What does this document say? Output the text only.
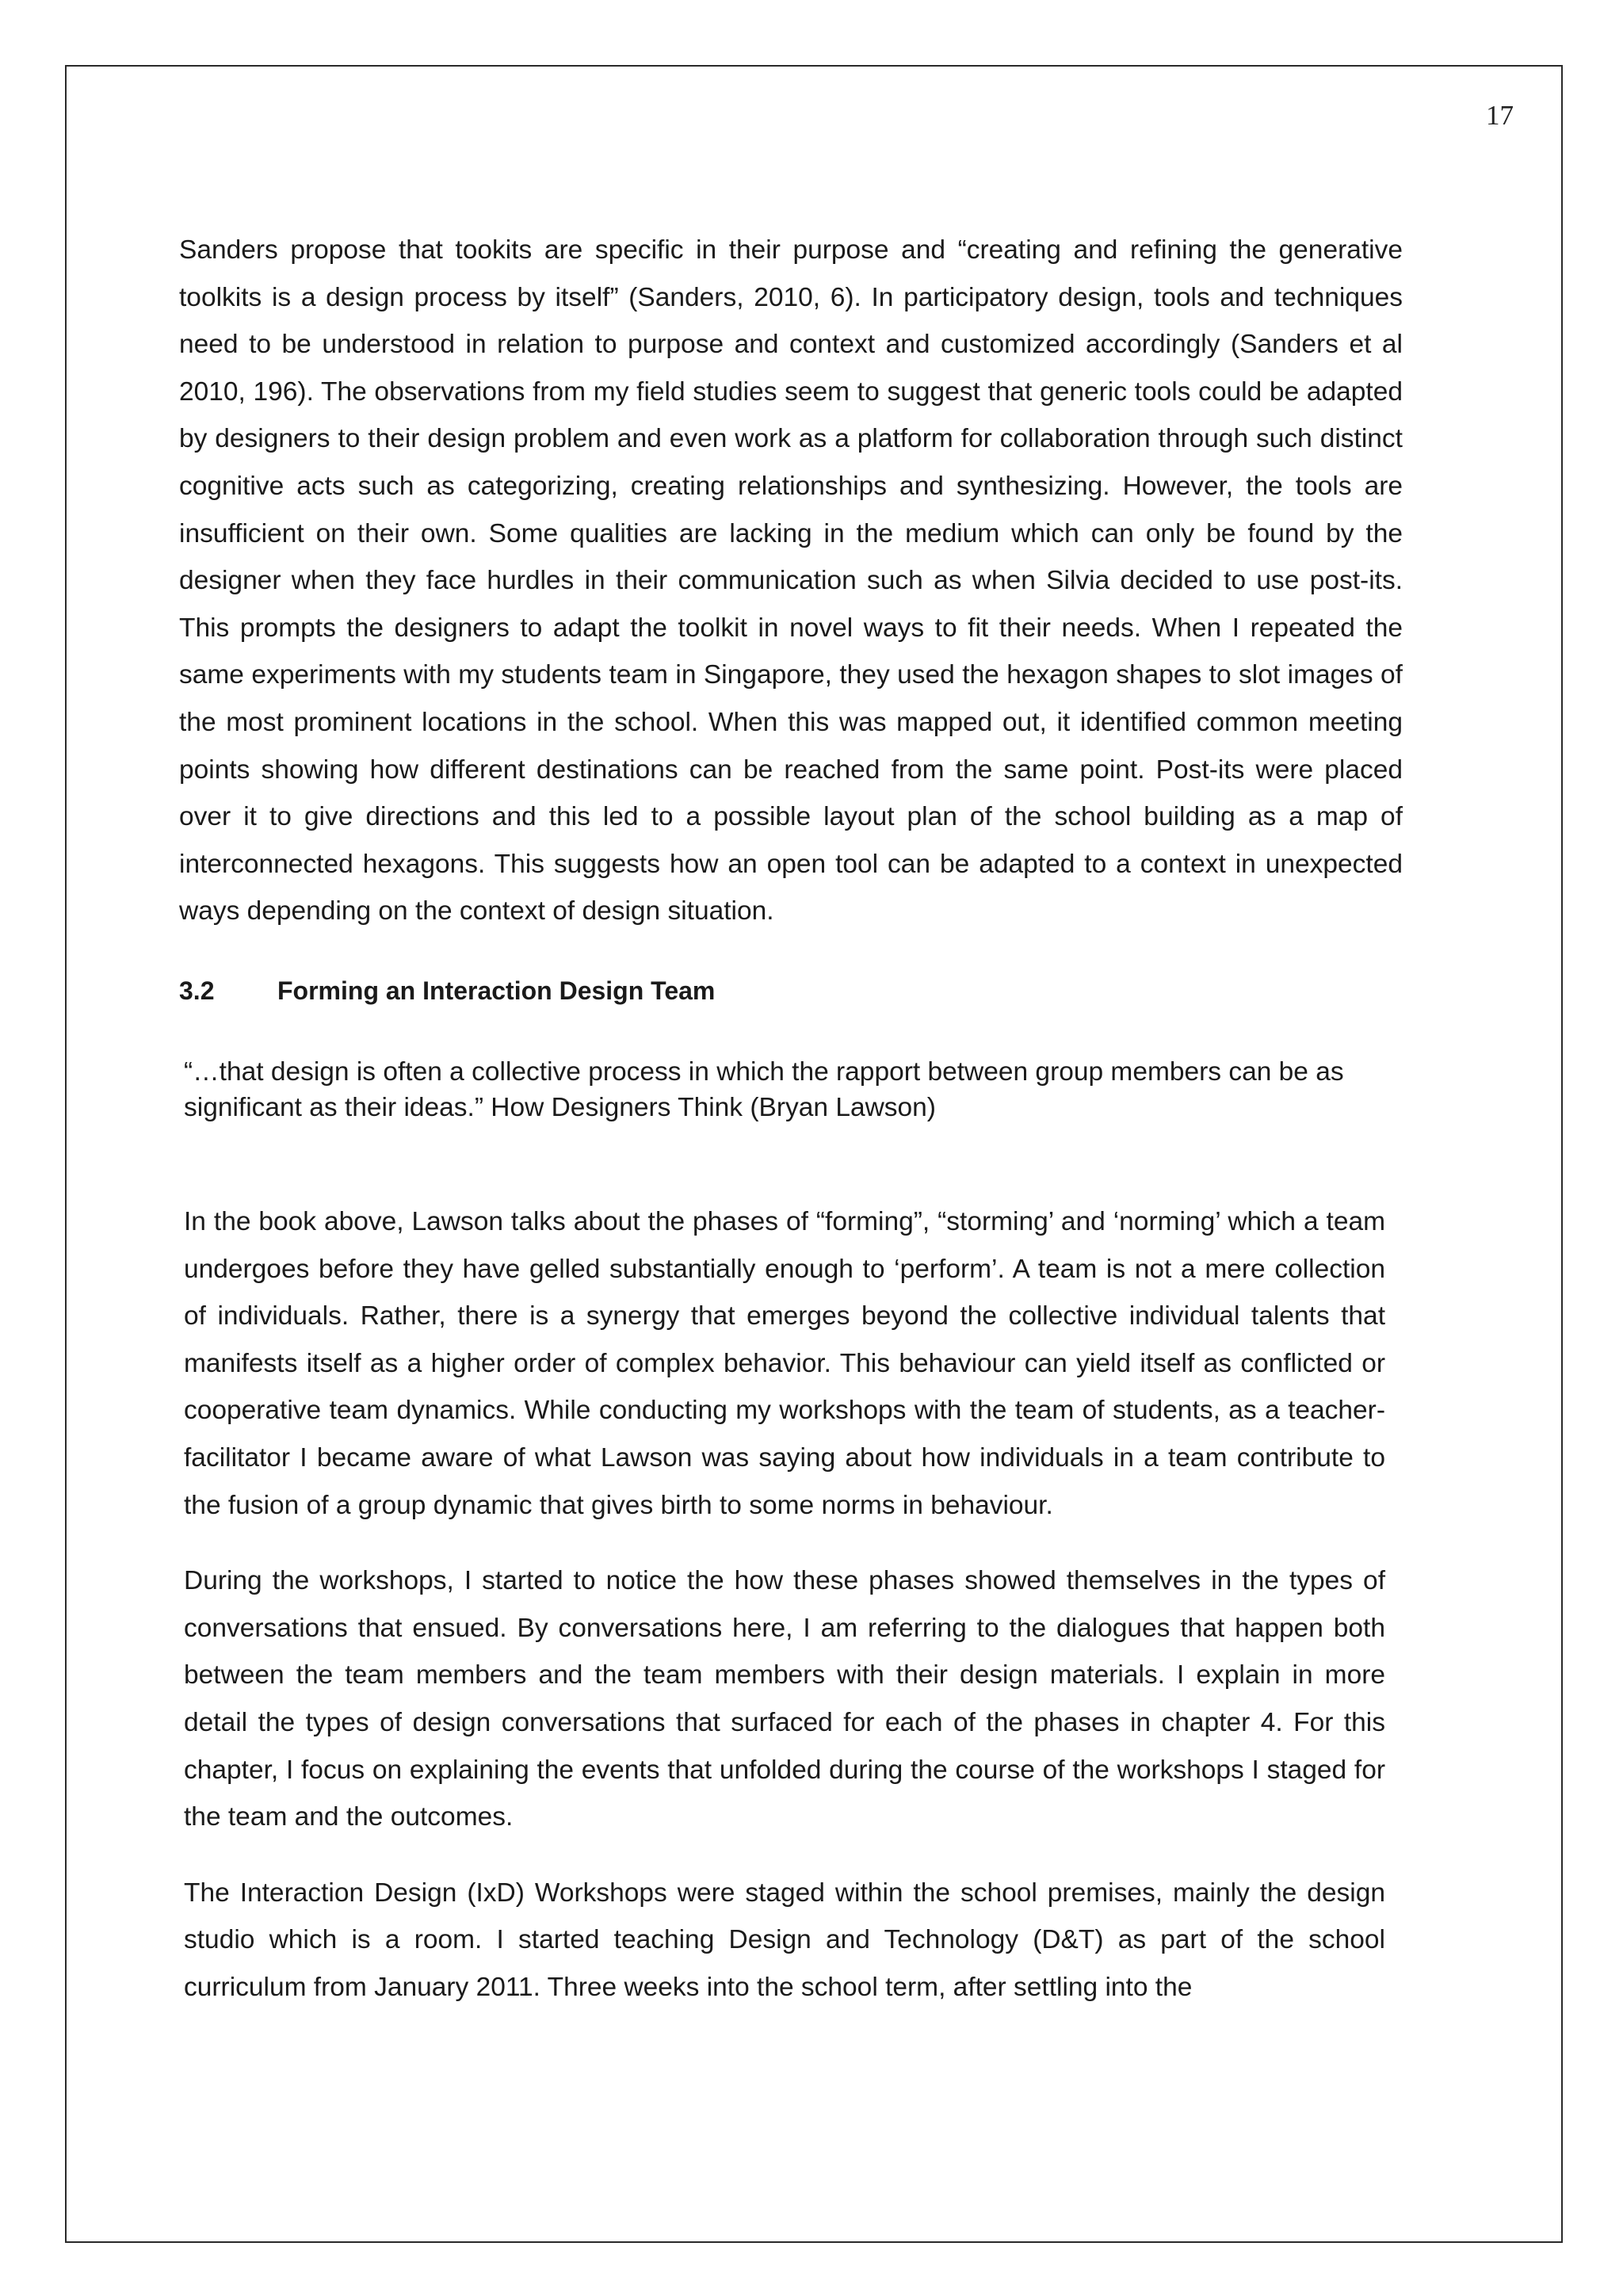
17

Sanders propose that tookits are specific in their purpose and “creating and refining the generative toolkits is a design process by itself” (Sanders, 2010, 6). In participatory design, tools and techniques need to be understood in relation to purpose and context and customized accordingly (Sanders et al 2010, 196). The observations from my field studies seem to suggest that generic tools could be adapted by designers to their design problem and even work as a platform for collaboration through such distinct cognitive acts such as categorizing, creating relationships and synthesizing. However, the tools are insufficient on their own. Some qualities are lacking in the medium which can only be found by the designer when they face hurdles in their communication such as when Silvia decided to use post-its. This prompts the designers to adapt the toolkit in novel ways to fit their needs. When I repeated the same experiments with my students team in Singapore, they used the hexagon shapes to slot images of the most prominent locations in the school. When this was mapped out, it identified common meeting points showing how different destinations can be reached from the same point. Post-its were placed over it to give directions and this led to a possible layout plan of the school building as a map of interconnected hexagons. This suggests how an open tool can be adapted to a context in unexpected ways depending on the context of design situation.

3.2 Forming an Interaction Design Team

“…that design is often a collective process in which the rapport between group members can be as significant as their ideas.” How Designers Think (Bryan Lawson)

In the book above, Lawson talks about the phases of “forming”, “storming’ and ‘norming’ which a team undergoes before they have gelled substantially enough to ‘perform’. A team is not a mere collection of individuals. Rather, there is a synergy that emerges beyond the collective individual talents that manifests itself as a higher order of complex behavior. This behaviour can yield itself as conflicted or cooperative team dynamics. While conducting my workshops with the team of students, as a teacher-facilitator I became aware of what Lawson was saying about how individuals in a team contribute to the fusion of a group dynamic that gives birth to some norms in behaviour.

During the workshops, I started to notice the how these phases showed themselves in the types of conversations that ensued. By conversations here, I am referring to the dialogues that happen both between the team members and the team members with their design materials. I explain in more detail the types of design conversations that surfaced for each of the phases in chapter 4. For this chapter, I focus on explaining the events that unfolded during the course of the workshops I staged for the team and the outcomes.

The Interaction Design (IxD) Workshops were staged within the school premises, mainly the design studio which is a room. I started teaching Design and Technology (D&T) as part of the school curriculum from January 2011. Three weeks into the school term, after settling into the
